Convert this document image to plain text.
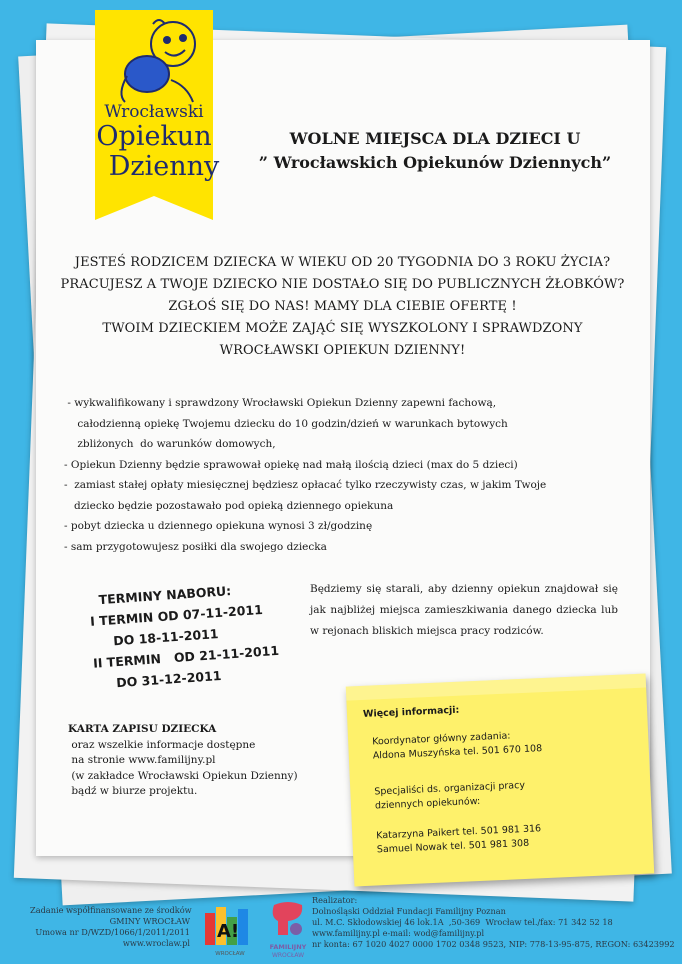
Wrocławski
Opiekun
Dzienny
WOLNE MIEJSCA DLA DZIECI U
” Wrocławskich Opiekunów Dziennych”
JESTEŚ RODZICEM DZIECKA W WIEKU OD 20 TYGODNIA DO 3 ROKU ŻYCIA?
PRACUJESZ A TWOJE DZIECKO NIE DOSTAŁO SIĘ DO PUBLICZNYCH ŻŁOBKÓW?
ZGŁOŚ SIĘ DO NAS! MAMY DLA CIEBIE OFERTĘ !
TWOIM DZIECKIEM MOŻE ZAJĄĆ SIĘ WYSZKOLONY I SPRAWDZONY
WROCŁAWSKI OPIEKUN DZIENNY!
- wykwalifikowany i sprawdzony Wrocławski Opiekun Dzienny zapewni fachową,
całodzienną opiekę Twojemu dziecku do 10 godzin/dzień w warunkach bytowych
zbliżonych  do warunków domowych,
- Opiekun Dzienny będzie sprawował opiekę nad małą ilością dzieci (max do 5 dzieci)
-  zamiast stałej opłaty miesięcznej będziesz opłacać tylko rzeczywisty czas, w jakim Twoje
dziecko będzie pozostawało pod opieką dziennego opiekuna
- pobyt dziecka u dziennego opiekuna wynosi 3 zł/godzinę
- sam przygotowujesz posiłki dla swojego dziecka
TERMINY NABORU:
I TERMIN OD 07-11-2011
DO 18-11-2011
II TERMIN   OD 21-11-2011
DO 31-12-2011
Będziemy się starali, aby dzienny opiekun znajdował się jak najbliżej miejsca zamieszkiwania danego dziecka lub w rejonach bliskich miejsca pracy rodziców.
KARTA ZAPISU DZIECKA
oraz wszelkie informacje dostępne
na stronie www.familijny.pl
(w zakładce Wrocławski Opiekun Dzienny)
bądź w biurze projektu.
Więcej informacji:
Koordynator główny zadania:
Aldona Muszyńska tel. 501 670 108
Specjaliści ds. organizacji pracy
dziennych opiekunów:
Katarzyna Paikert tel. 501 981 316
Samuel Nowak tel. 501 981 308
Zadanie współfinansowane ze środków
GMINY WROCŁAW
Umowa nr D/WZD/1066/1/2011/2011
www.wroclaw.pl
A!
WROCŁAW
FAMILIJNY
WROCŁAW
Realizator:
Dolnośląski Oddział Fundacji Familijny Poznan
ul. M.C. Skłodowskiej 46 lok.1A  ,50-369  Wrocław tel./fax: 71 342 52 18
www.familijny.pl e-mail: wod@familijny.pl
nr konta: 67 1020 4027 0000 1702 0348 9523, NIP: 778-13-95-875, REGON: 63423992
